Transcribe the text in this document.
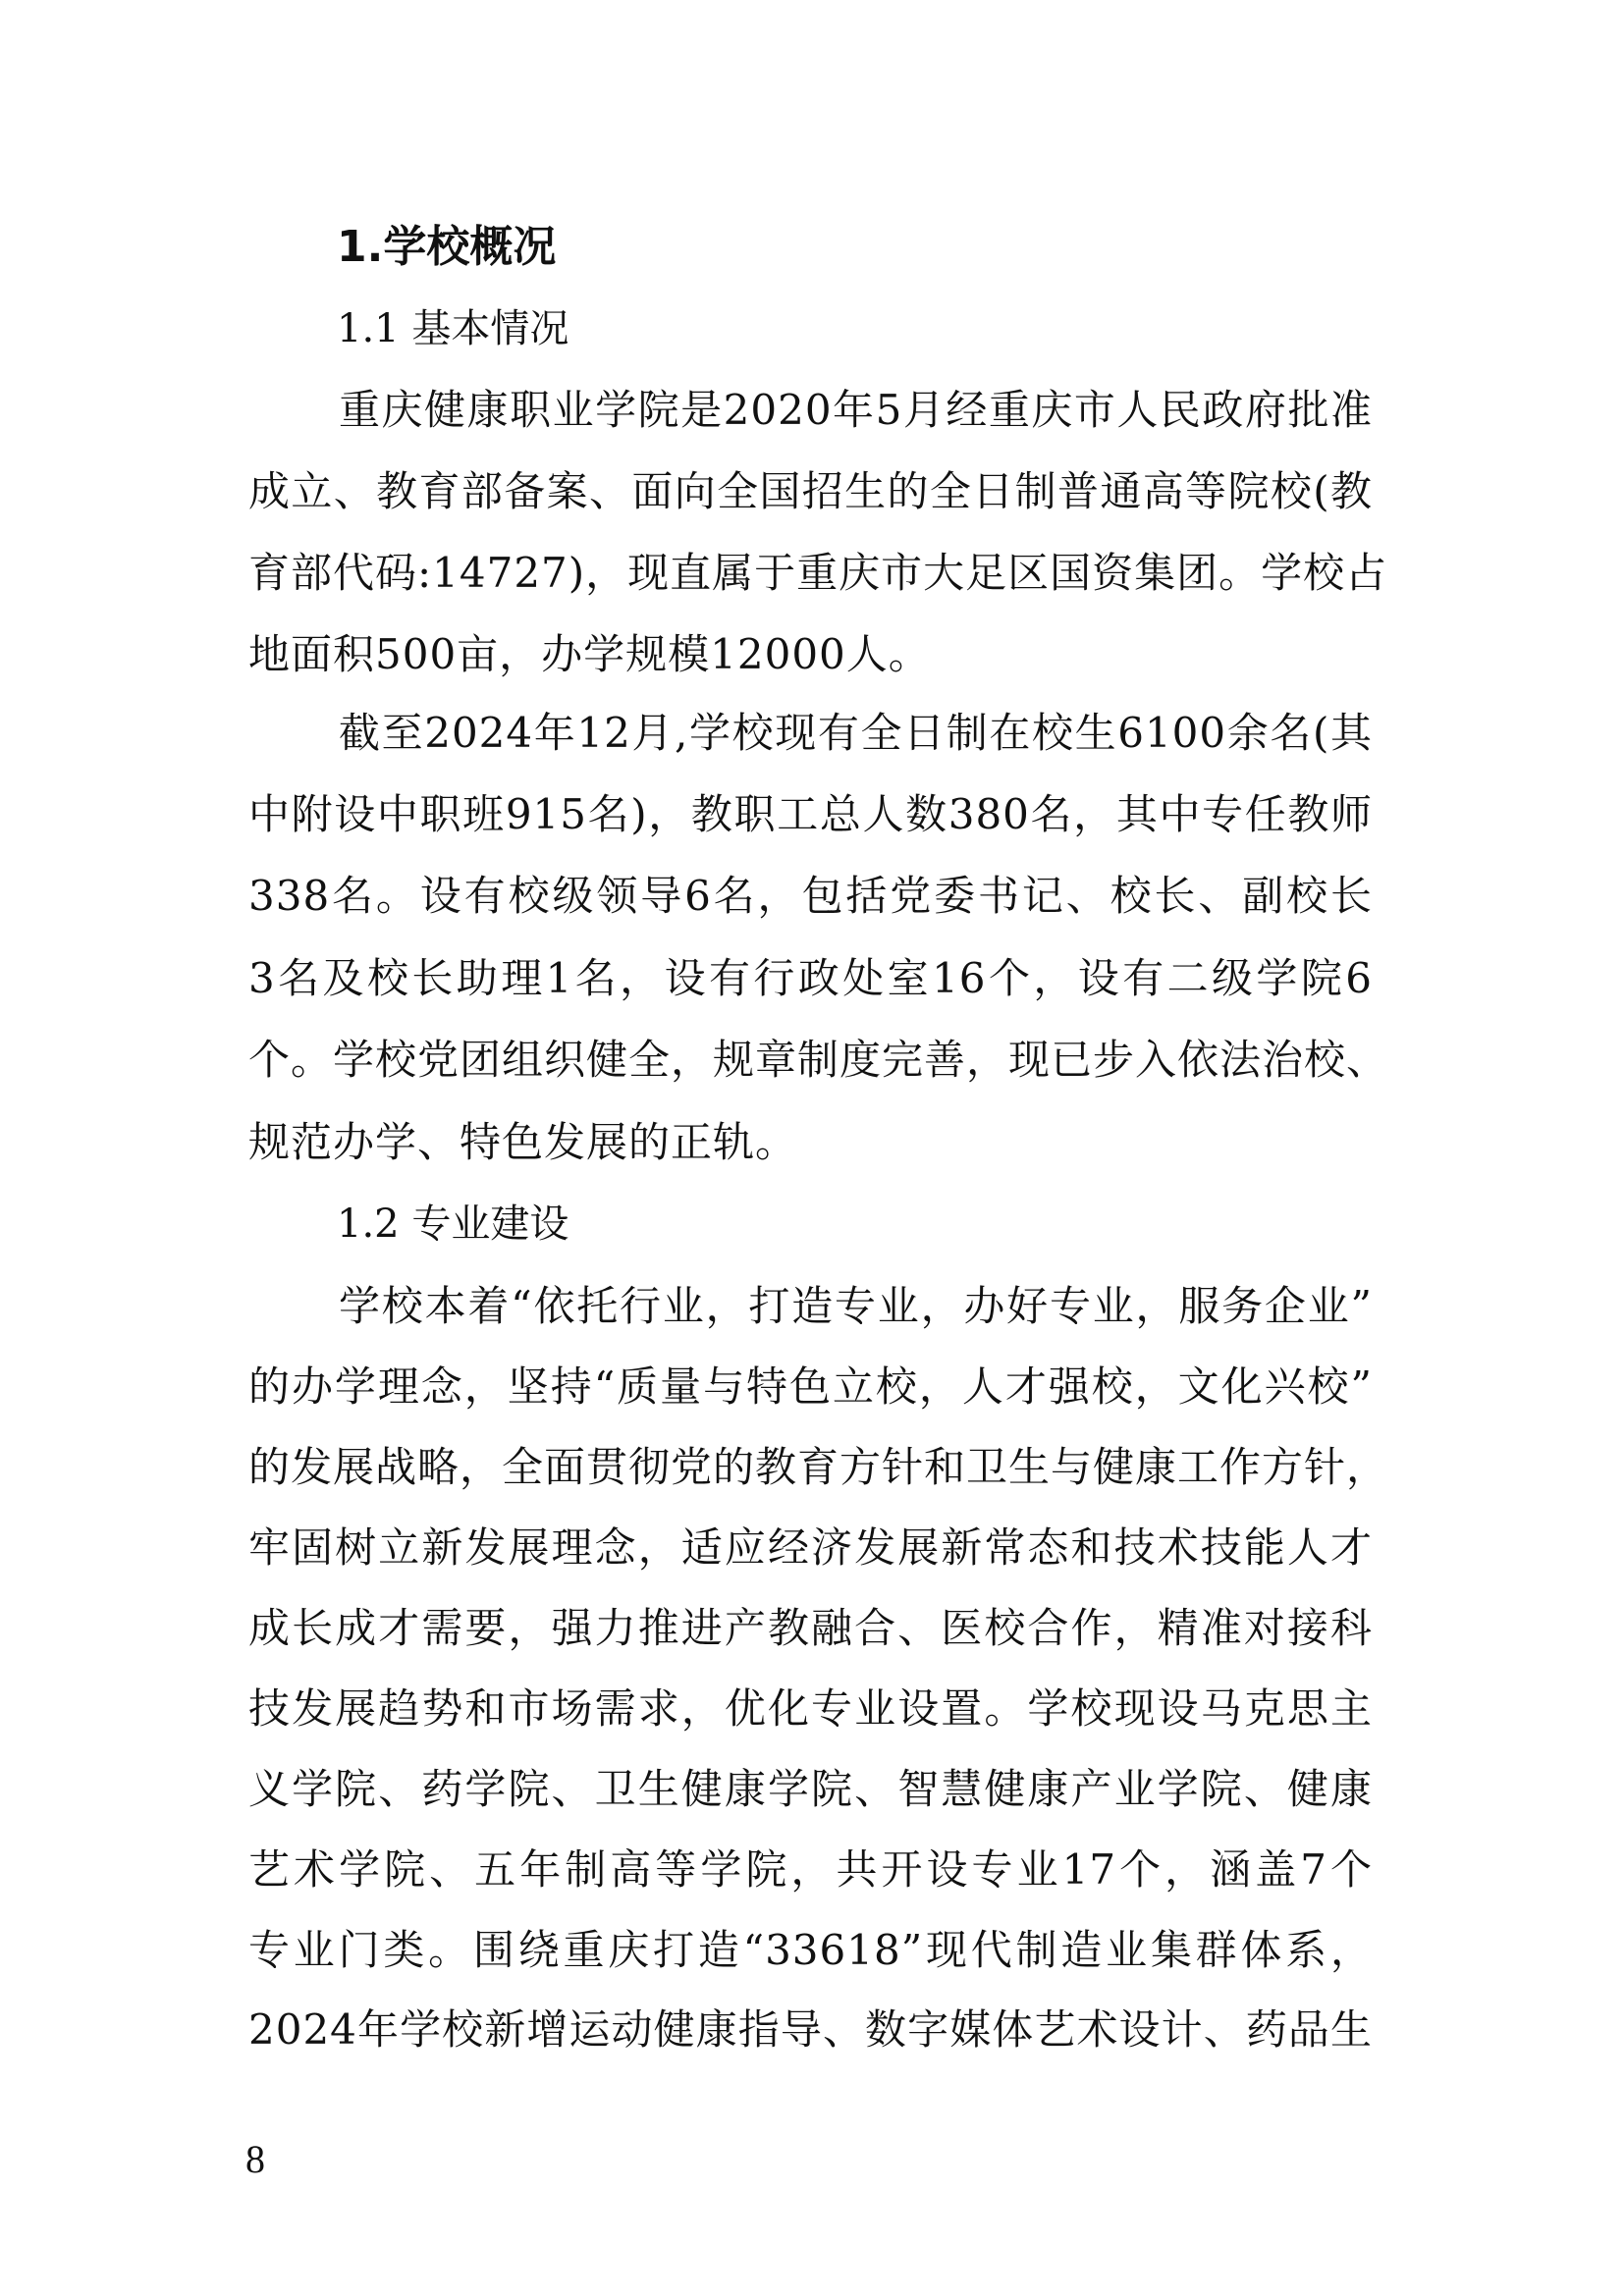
1.学校概况
1.1 基本情况
重庆健康职业学院是2020年5月经重庆市人民政府批准
成立、教育部备案、面向全国招生的全日制普通高等院校(教
育部代码:14727)，现直属于重庆市大足区国资集团。学校占
地面积500亩，办学规模12000人。
截至2024年12月,学校现有全日制在校生6100余名(其
中附设中职班915名)，教职工总人数380名，其中专任教师
338名。设有校级领导6名，包括党委书记、校长、副校长
3名及校长助理1名，设有行政处室16个，设有二级学院6
个。学校党团组织健全，规章制度完善，现已步入依法治校、
规范办学、特色发展的正轨。
1.2 专业建设
学校本着“依托行业，打造专业，办好专业，服务企业”
的办学理念，坚持“质量与特色立校，人才强校，文化兴校”
的发展战略，全面贯彻党的教育方针和卫生与健康工作方针，
牢固树立新发展理念，适应经济发展新常态和技术技能人才
成长成才需要，强力推进产教融合、医校合作，精准对接科
技发展趋势和市场需求，优化专业设置。学校现设马克思主
义学院、药学院、卫生健康学院、智慧健康产业学院、健康
艺术学院、五年制高等学院，共开设专业17个，涵盖7个
专业门类。围绕重庆打造“33618”现代制造业集群体系，
2024年学校新增运动健康指导、数字媒体艺术设计、药品生
8
